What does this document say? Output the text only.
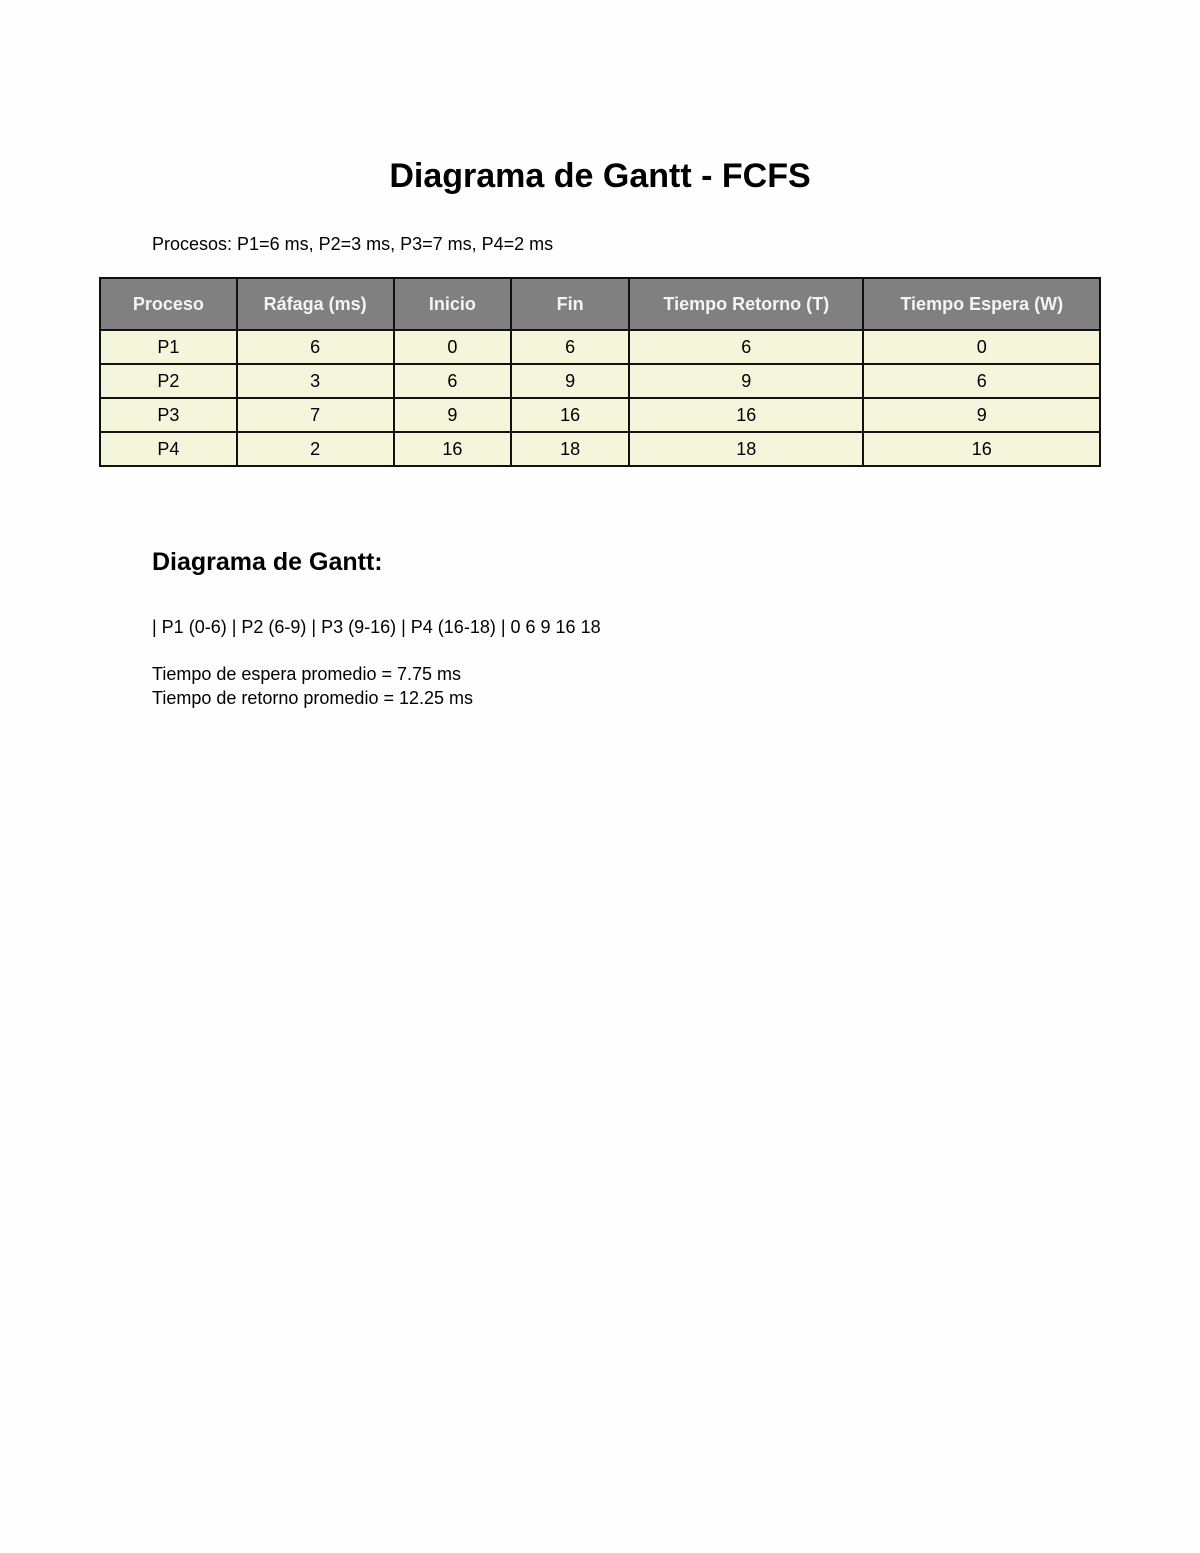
Diagrama de Gantt - FCFS

Procesos: P1=6 ms, P2=3 ms, P3=7 ms, P4=2 ms

Proceso	Ráfaga (ms)	Inicio	Fin	Tiempo Retorno (T)	Tiempo Espera (W)
P1	6	0	6	6	0
P2	3	6	9	9	6
P3	7	9	16	16	9
P4	2	16	18	18	16
Diagrama de Gantt:

| P1 (0-6) | P2 (6-9) | P3 (9-16) | P4 (16-18) | 0 6 9 16 18

Tiempo de espera promedio = 7.75 ms
Tiempo de retorno promedio = 12.25 ms
